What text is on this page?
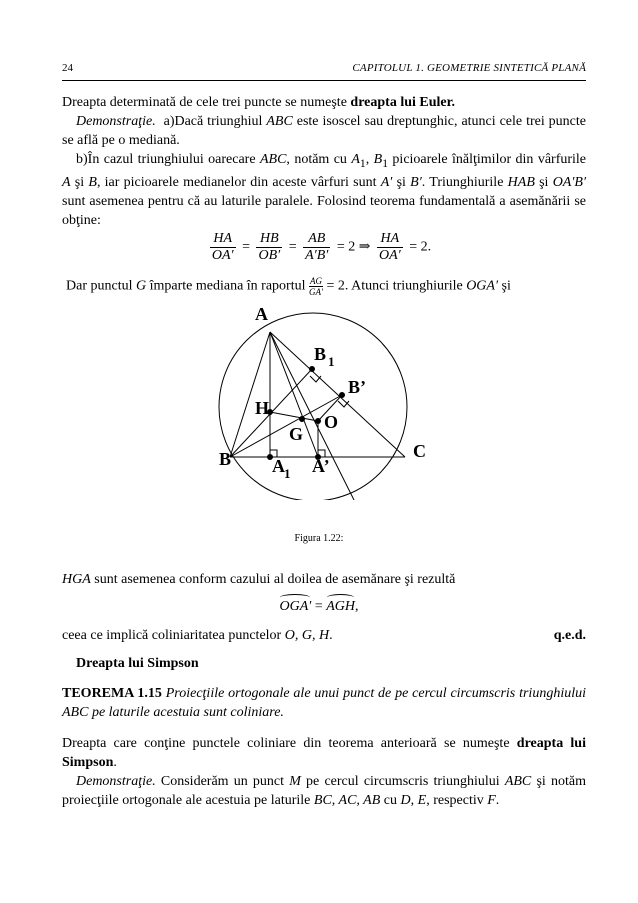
24	CAPITOLUL 1. GEOMETRIE SINTETICĂ PLANĂ
Dreapta determinată de cele trei puncte se numeşte dreapta lui Euler.
Demonstraţie. a)Dacă triunghiul ABC este isoscel sau dreptunghic, atunci cele trei puncte se află pe o mediană.
b)În cazul triunghiului oarecare ABC, notăm cu $A_1$, $B_1$ picioarele înălţimilor din vârfurile A şi B, iar picioarele medianelor din aceste vârfuri sunt A′ şi B′. Triunghiurile HAB şi OA′B′ sunt asemenea pentru că au laturile paralele. Folosind teorema fundamentală a asemănării se obţine:
$\frac{HA}{OA'} = \frac{HB}{OB'} = \frac{AB}{A'B'} = 2$ ⇒ $\frac{HA}{OA'} = 2$.
Dar punctul G împarte mediana în raportul $\frac{AG}{GA'} = 2$. Atunci triunghiurile OGA′ şi
A
B 1
B’
H
O
G
B	C
A 1 A’
Figura 1.22:
HGA sunt asemenea conform cazului al doilea de asemănare şi rezultă
OGA′ = AGH,
ceea ce implică coliniaritatea punctelor O, G, H.	q.e.d.
Dreapta lui Simpson
TEOREMA 1.15 Proiecţiile ortogonale ale unui punct de pe cercul circumscris triunghiului ABC pe laturile acestuia sunt coliniare.
Dreapta care conţine punctele coliniare din teorema anterioară se numeşte dreapta lui Simpson.
Demonstraţie. Considerăm un punct M pe cercul circumscris triunghiului ABC şi notăm proiecţiile ortogonale ale acestuia pe laturile BC, AC, AB cu D, E, respectiv F.
